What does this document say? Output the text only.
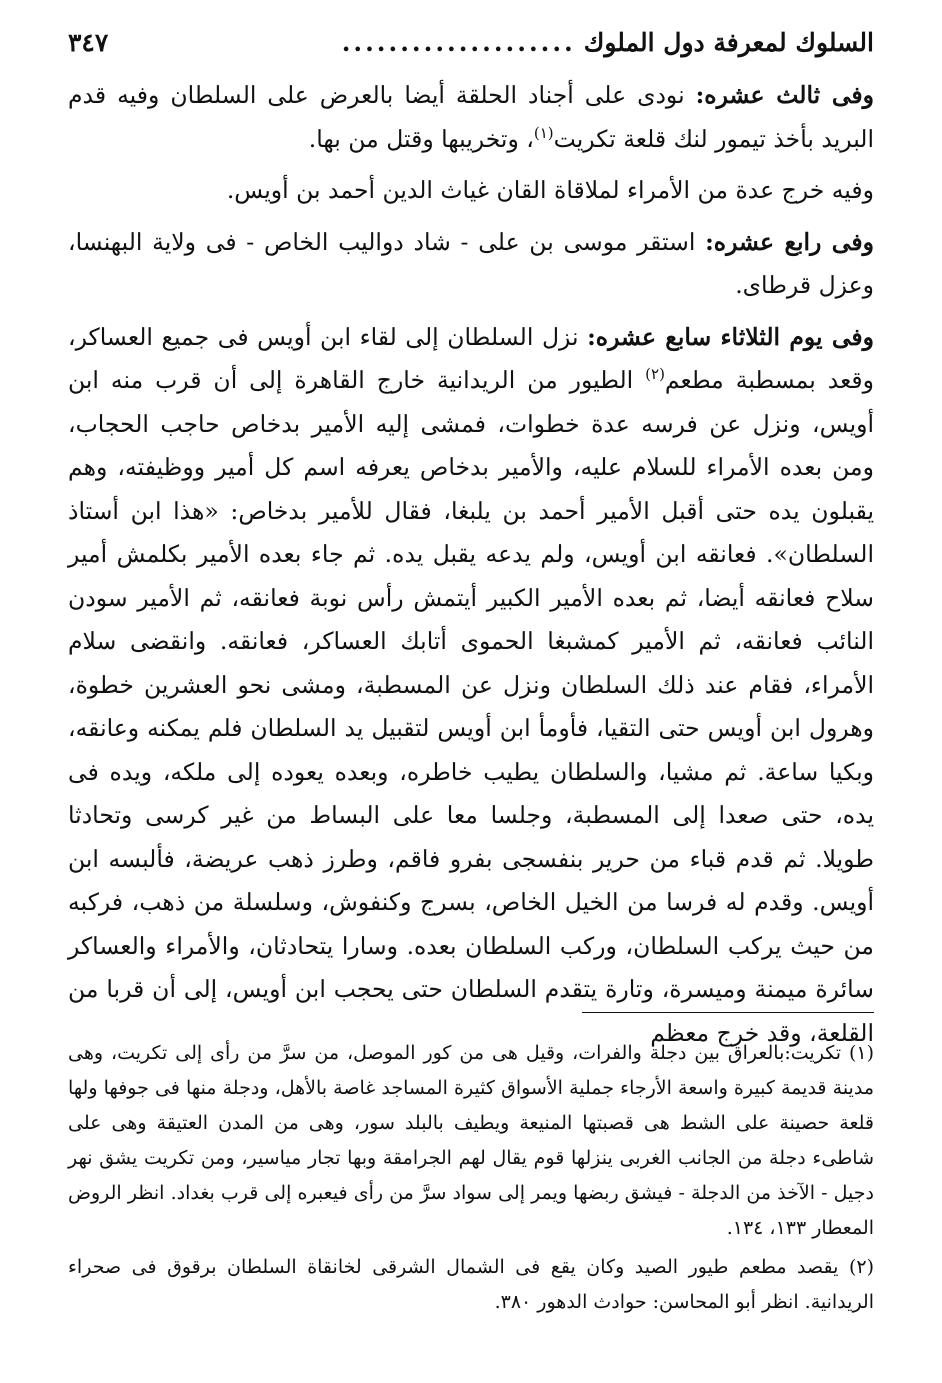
السلوك لمعرفة دول الملوك
....................
٣٤٧

وفى ثالث عشره: نودى على أجناد الحلقة أيضا بالعرض على السلطان وفيه قدم البريد بأخذ تيمور لنك قلعة تكريت$^{(١)}$، وتخريبها وقتل من بها.

وفيه خرج عدة من الأمراء لملاقاة القان غياث الدين أحمد بن أويس.

وفى رابع عشره: استقر موسى بن على - شاد دواليب الخاص - فى ولاية البهنسا، وعزل قرطاى.

وفى يوم الثلاثاء سابع عشره: نزل السلطان إلى لقاء ابن أويس فى جميع العساكر، وقعد بمسطبة مطعم$^{(٢)}$ الطيور من الريدانية خارج القاهرة إلى أن قرب منه ابن أويس، ونزل عن فرسه عدة خطوات، فمشى إليه الأمير بدخاص حاجب الحجاب، ومن بعده الأمراء للسلام عليه، والأمير بدخاص يعرفه اسم كل أمير ووظيفته، وهم يقبلون يده حتى أقبل الأمير أحمد بن يلبغا، فقال للأمير بدخاص: «هذا ابن أستاذ السلطان». فعانقه ابن أويس، ولم يدعه يقبل يده. ثم جاء بعده الأمير بكلمش أمير سلاح فعانقه أيضا، ثم بعده الأمير الكبير أيتمش رأس نوبة فعانقه، ثم الأمير سودن النائب فعانقه، ثم الأمير كمشبغا الحموى أتابك العساكر، فعانقه. وانقضى سلام الأمراء، فقام عند ذلك السلطان ونزل عن المسطبة، ومشى نحو العشرين خطوة، وهرول ابن أويس حتى التقيا، فأومأ ابن أويس لتقبيل يد السلطان فلم يمكنه وعانقه، وبكيا ساعة. ثم مشيا، والسلطان يطيب خاطره، وبعده يعوده إلى ملكه، ويده فى يده، حتى صعدا إلى المسطبة، وجلسا معا على البساط من غير كرسى وتحادثا طويلا. ثم قدم قباء من حرير بنفسجى بفرو فاقم، وطرز ذهب عريضة، فألبسه ابن أويس. وقدم له فرسا من الخيل الخاص، بسرج وكنفوش، وسلسلة من ذهب، فركبه من حيث يركب السلطان، وركب السلطان بعده. وسارا يتحادثان، والأمراء والعساكر سائرة ميمنة وميسرة، وتارة يتقدم السلطان حتى يحجب ابن أويس، إلى أن قربا من القلعة، وقد خرج معظم

(١) تكريت:بالعراق بين دجلة والفرات، وقيل هى من كور الموصل، من سرَّ من رأى إلى تكريت، وهى مدينة قديمة كبيرة واسعة الأرجاء جملية الأسواق كثيرة المساجد غاصة بالأهل، ودجلة منها فى جوفها ولها قلعة حصينة على الشط هى قصبتها المنيعة ويطيف بالبلد سور، وهى من المدن العتيقة وهى على شاطىء دجلة من الجانب الغربى ينزلها قوم يقال لهم الجرامقة وبها تجار مياسير، ومن تكريت يشق نهر دجيل - الآخذ من الدجلة - فيشق ربضها ويمر إلى سواد سرَّ من رأى فيعبره إلى قرب بغداد. انظر الروض المعطار ١٣٣، ١٣٤.

(٢) يقصد مطعم طيور الصيد وكان يقع فى الشمال الشرقى لخانقاة السلطان برقوق فى صحراء الريدانية. انظر أبو المحاسن: حوادث الدهور ٣٨٠.
